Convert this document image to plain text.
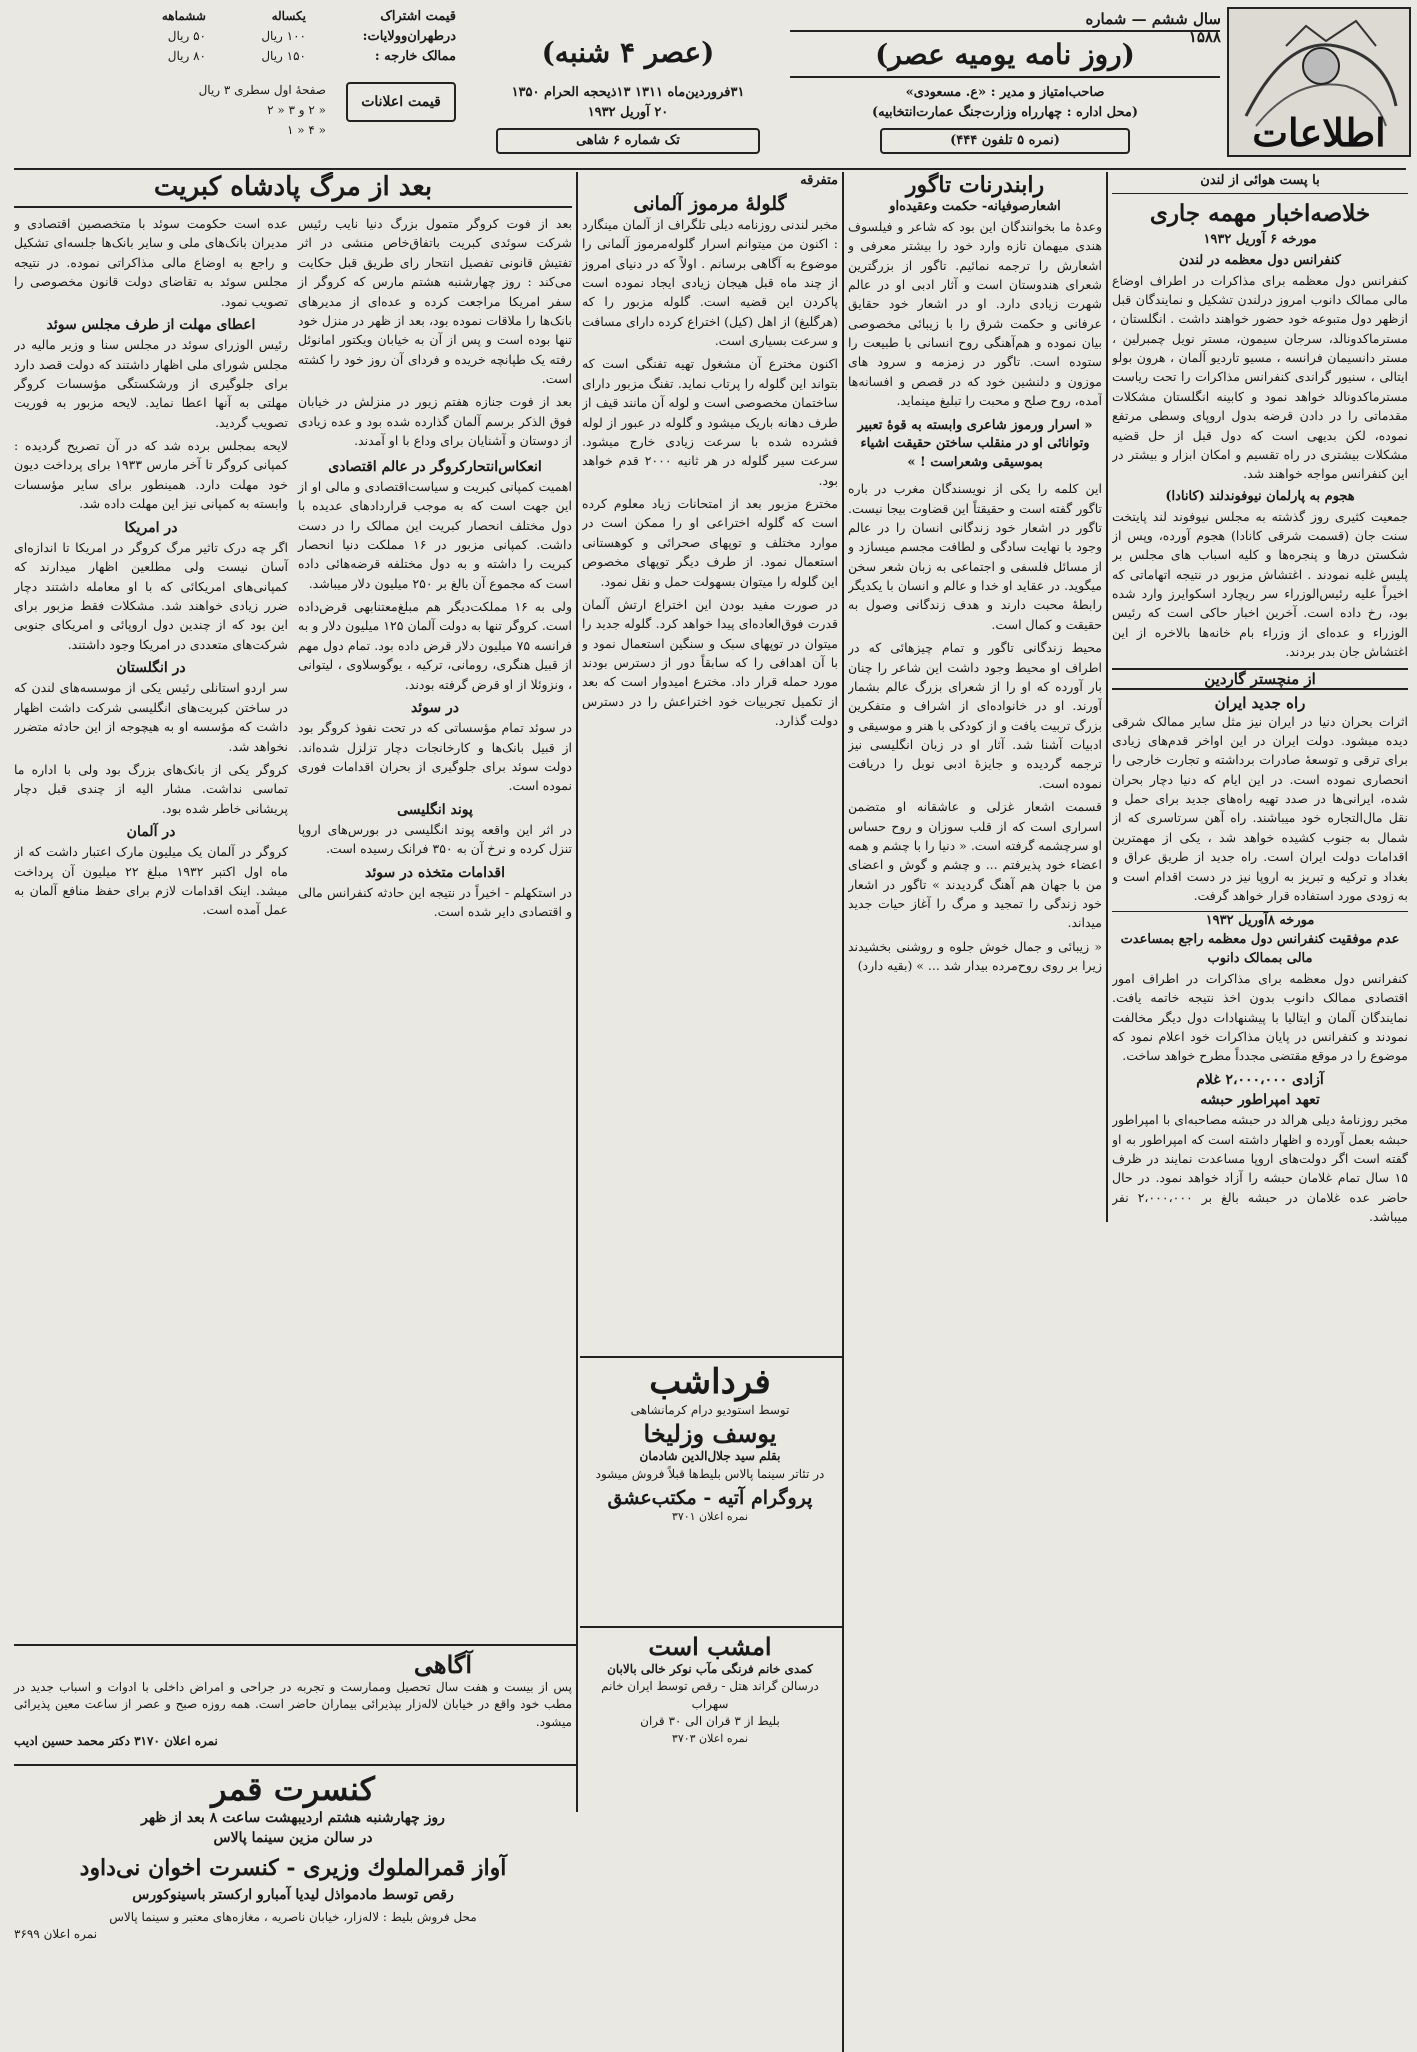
اطلاعات
سال ششم — شماره ۱۵۸۸
(روز نامه یومیه عصر)
صاحب‌امتیاز و مدیر : «ع. مسعودی»
(محل اداره : چهارراه وزارت‌جنگ عمارت‌انتخابیه)
(نمره ۵ تلفون ۴۴۴)
(عصر ۴ شنبه)
۳۱فروردین‌ماه ۱۳۱۱ ۱۳ذیحجه الحرام ۱۳۵۰
۲۰ آوریل ۱۹۳۲
تک شماره ۶ شاهی
قیمت اشتراک
یکساله
ششماهه
درطهران‌وولایات:
۱۰۰ ریال
۵۰ ریال
ممالک خارجه :
۱۵۰ ریال
۸۰ ریال
قیمت اعلانات
صفحهٔ اول سطری ۳ ریال
« ۲ و ۳ « ۲
« ۴ « ۱
با پست هوائی از لندن
خلاصه‌اخبار مهمه جاری
مورخه ۶ آوریل ۱۹۳۲
کنفرانس دول معظمه در لندن
کنفرانس دول معظمه برای مذاکرات در اطراف اوضاع مالی ممالک دانوب امروز درلندن تشکیل و نمایندگان قبل ازظهر دول متبوعه خود حضور خواهند داشت . انگلستان ، مسترماکدونالد، سرجان سیمون، مستر نویل چمبرلین ، مستر دانسیمان فرانسه ، مسیو تاردیو آلمان ، هرون بولو ایتالی ، سنیور گراندی کنفرانس مذاکرات را تحت ریاست مسترماکدونالد خواهد نمود و کابینه انگلستان مشکلات مقدماتی را در دادن قرضه بدول اروپای وسطی مرتفع نموده، لکن بدیهی است که دول قبل از حل قضیه مشکلات بیشتری در راه تقسیم و امکان ابزار و بیشتر در این کنفرانس مواجه خواهند شد.
هجوم به پارلمان نیوفوندلند (کانادا)
جمعیت کثیری روز گذشته به مجلس نیوفوند لند پایتخت سنت جان (قسمت شرقی کانادا) هجوم آورده، وپس از شکستن درها و پنجره‌ها و کلیه اسباب های مجلس بر پلیس غلبه نمودند . اغتشاش مزبور در نتیجه اتهاماتی که اخیراً علیه رئیس‌الوزراء سر ریچارد اسکوایرز وارد شده بود، رخ داده است. آخرین اخبار حاکی است که رئیس الوزراء و عده‌ای از وزراء بام خانه‌ها بالاخره از این اغتشاش جان بدر بردند.
از منچستر گاردین
راه جدید ایران
اثرات بحران دنیا در ایران نیز مثل سایر ممالک شرقی دیده میشود. دولت ایران در این اواخر قدم‌های زیادی برای ترقی و توسعهٔ صادرات برداشته و تجارت خارجی را انحصاری نموده است. در این ایام که دنیا دچار بحران شده، ایرانی‌ها در صدد تهیه راه‌های جدید برای حمل و نقل مال‌التجاره خود میباشند. راه آهن سرتاسری که از شمال به جنوب کشیده خواهد شد ، یکی از مهمترین اقدامات دولت ایران است. راه جدید از طریق عراق و بغداد و ترکیه و تبریز به اروپا نیز در دست اقدام است و به زودی مورد استفاده قرار خواهد گرفت.
مورخه ۸آوریل ۱۹۳۲
عدم موفقیت کنفرانس دول معظمه راجع بمساعدت مالی بممالک دانوب
کنفرانس دول معظمه برای مذاکرات در اطراف امور اقتصادی ممالک دانوب بدون اخذ نتیجه خاتمه یافت. نمایندگان آلمان و ایتالیا با پیشنهادات دول دیگر مخالفت نمودند و کنفرانس در پایان مذاکرات خود اعلام نمود که موضوع را در موقع مقتضی مجدداً مطرح خواهد ساخت.
آزادی ۲،۰۰۰،۰۰۰ غلام
تعهد امپراطور حبشه
مخبر روزنامهٔ دیلی هرالد در حبشه مصاحبه‌ای با امپراطور حبشه بعمل آورده و اظهار داشته است که امپراطور به او گفته است اگر دولت‌های اروپا مساعدت نمایند در ظرف ۱۵ سال تمام غلامان حبشه را آزاد خواهد نمود. در حال حاضر عده غلامان در حبشه بالغ بر ۲،۰۰۰،۰۰۰ نفر میباشد.
رابندرنات تاگور
اشعار‌صوفیانه- حکمت وعقیده‌او
وعدهٔ ما بخوانندگان این بود که شاعر و فیلسوف هندی میهمان تازه وارد خود را بیشتر معرفی و اشعارش را ترجمه نمائیم. تاگور از بزرگترین شعرای هندوستان است و آثار ادبی او در عالم شهرت زیادی دارد. او در اشعار خود حقایق عرفانی و حکمت شرق را با زیبائی مخصوصی بیان نموده و هم‌آهنگی روح انسانی با طبیعت را ستوده است. تاگور در زمزمه و سرود های موزون و دلنشین خود که در قصص و افسانه‌ها آمده، روح صلح و محبت را تبلیغ مینماید.
« اسرار ورموز شاعری وابسته به قوهٔ تعبیر وتوانائی او در منقلب ساختن حقیقت اشیاء بموسیقی وشعراست ! »
این کلمه را یکی از نویسندگان مغرب در باره تاگور گفته است و حقیقتاً این قضاوت بیجا نیست. تاگور در اشعار خود زندگانی انسان را در عالم وجود با نهایت سادگی و لطافت مجسم میسازد و از مسائل فلسفی و اجتماعی به زبان شعر سخن میگوید. در عقاید او خدا و عالم و انسان با یکدیگر رابطهٔ محبت دارند و هدف زندگانی وصول به حقیقت و کمال است.
محیط زندگانی تاگور و تمام چیزهائی که در اطراف او محیط وجود داشت این شاعر را چنان بار آورده که او را از شعرای بزرگ عالم بشمار آورند. او در خانواده‌ای از اشراف و متفکرین بزرگ تربیت یافت و از کودکی با هنر و موسیقی و ادبیات آشنا شد. آثار او در زبان انگلیسی نیز ترجمه گردیده و جایزهٔ ادبی نوبل را دریافت نموده است.
قسمت اشعار غزلی و عاشقانه او متضمن اسراری است که از قلب سوزان و روح حساس او سرچشمه گرفته است. « دنیا را با چشم و همه اعضاء خود پذیرفتم ... و چشم و گوش و اعضای من با جهان هم آهنگ گردیدند » تاگور در اشعار خود زندگی را تمجید و مرگ را آغاز حیات جدید میداند.
« زیبائی و جمال خوش جلوه و روشنی بخشیدند زیرا بر روی روح‌مرده بیدار شد ... » (بقیه دارد)
متفرقه
گلولهٔ مرموز آلمانی
مخبر لندنی روزنامه دیلی تلگراف از آلمان مینگارد : اکنون من میتوانم اسرار گلوله‌مرموز آلمانی را موضوع به آگاهی برسانم . اولاً که در دنیای امروز از چند ماه قبل هیجان زیادی ایجاد نموده است پاکردن این قضیه است. گلوله مزبور را که (هرگلیغ) از اهل (کیل) اختراع کرده دارای مسافت و سرعت بسیاری است.
اکنون مخترع آن مشغول تهیه تفنگی است که بتواند این گلوله را پرتاب نماید. تفنگ مزبور دارای ساختمان مخصوصی است و لوله آن مانند قیف از طرف دهانه باریک میشود و گلوله در عبور از لوله فشرده شده با سرعت زیادی خارج میشود. سرعت سیر گلوله در هر ثانیه ۲۰۰۰ قدم خواهد بود.
مخترع مزبور بعد از امتحانات زیاد معلوم کرده است که گلوله اختراعی او را ممکن است در موارد مختلف و توپهای صحرائی و کوهستانی استعمال نمود. از طرف دیگر توپهای مخصوص این گلوله را میتوان بسهولت حمل و نقل نمود.
در صورت مفید بودن این اختراع ارتش آلمان قدرت فوق‌العاده‌ای پیدا خواهد کرد. گلوله جدید را میتوان در توپهای سبک و سنگین استعمال نمود و با آن اهدافی را که سابقاً دور از دسترس بودند مورد حمله قرار داد. مخترع امیدوار است که بعد از تکمیل تجربیات خود اختراعش را در دسترس دولت گذارد.
فرداشب
توسط استودیو درام کرمانشاهی
یوسف وزلیخا
بقلم سید جلال‌الدین شادمان
در تئاتر سینما پالاس بلیط‌ها قبلاً فروش میشود
پروگرام آتیه - مکتب‌عشق
نمره اعلان ۳۷۰۱
امشب است
کمدی خانم فرنگی مآب نوکر خالی بالابان
درسالن گراند هتل - رقص توسط ایران خانم سهراب
بلیط از ۳ قران الی ۳۰ قران
نمره اعلان ۳۷۰۳
بعد از مرگ پادشاه کبریت
بعد از فوت کروگر متمول بزرگ دنیا نایب رئیس شرکت سوئدی کبریت باتفاق‌خاص منشی در اثر تفتیش قانونی تفصیل انتحار رای طریق قبل حکایت می‌کند : روز چهارشنبه هشتم مارس که کروگر از سفر امریکا مراجعت کرده و عده‌ای از مدیرهای بانک‌ها را ملاقات نموده بود، بعد از ظهر در منزل خود تنها بوده است و پس از آن به خیابان ویکتور امانوئل رفته یک طپانچه خریده و فردای آن روز خود را کشته است.
بعد از فوت جنازه هفتم زیور در منزلش در خیابان فوق الذکر برسم آلمان گذارده شده بود و عده زیادی از دوستان و آشنایان برای وداع با او آمدند.
انعکاس‌انتحار‌کروگر در عالم اقتصادی
اهمیت کمپانی کبریت‌ و سیاست‌اقتصادی و مالی او از این جهت است که به موجب قراردادهای عدیده با دول مختلف انحصار کبریت این ممالک را در دست داشت. کمپانی مزبور در ۱۶ مملکت دنیا انحصار کبریت را داشته و به دول مختلفه قرضه‌هائی داده است که مجموع آن بالغ بر ۲۵۰ میلیون دلار میباشد.
ولی به ۱۶ مملکت‌دیگر هم مبلغ‌معتنابهی قرض‌داده است. کروگر تنها به دولت آلمان ۱۲۵ میلیون دلار و به فرانسه ۷۵ میلیون دلار قرض داده بود. تمام دول مهم از قبیل هنگری، رومانی، ترکیه ، یوگوسلاوی ، لیتوانی ، ونزوئلا از او قرض گرفته بودند.
در سوئد
در سوئد تمام مؤسساتی که در تحت نفوذ کروگر بود از قبیل بانک‌ها و کارخانجات دچار تزلزل شده‌اند. دولت سوئد برای جلوگیری از بحران اقدامات فوری نموده است.
پوند انگلیسی
در اثر این واقعه پوند انگلیسی در بورس‌های اروپا تنزل کرده و نرخ آن به ۳۵۰ فرانک رسیده است.
اقدامات متخذه در سوئد
در استکهلم - اخیراً در نتیجه این حادثه کنفرانس مالی و اقتصادی دایر شده است.
عده است حکومت سوئد با متخصصین اقتصادی و مدیران بانک‌های ملی و سایر بانک‌ها جلسه‌ای تشکیل و راجع به اوضاع مالی مذاکراتی نموده. در نتیجه مجلس سوئد به تقاضای دولت قانون مخصوصی را تصویب نمود.
اعطای مهلت از طرف مجلس سوئد
رئیس الوزرای سوئد در مجلس سنا و وزیر مالیه در مجلس شورای ملی اظهار داشتند که دولت قصد دارد برای جلوگیری از ورشکستگی مؤسسات کروگر مهلتی به آنها اعطا نماید. لایحه مزبور به فوریت تصویب گردید.
لایحه بمجلس برده شد که در آن تصریح گردیده : کمپانی کروگر تا آخر مارس ۱۹۳۳ برای پرداخت دیون خود مهلت دارد. همینطور برای سایر مؤسسات وابسته به کمپانی نیز این مهلت داده شد.
در امریکا
اگر چه درک تاثیر مرگ کروگر در امریکا تا اندازه‌ای آسان نیست ولی مطلعین اظهار میدارند که کمپانی‌های امریکائی که با او معامله داشتند دچار ضرر زیادی خواهند شد. مشکلات فقط مزبور برای این بود که از چندین دول اروپائی و امریکای جنوبی شرکت‌های متعددی در امریکا وجود داشتند.
در انگلستان
سر اردو استانلی رئیس یکی از موسسه‌های لندن که در ساختن کبریت‌های انگلیسی شرکت داشت اظهار داشت که مؤسسه او به هیچوجه از این حادثه متضرر نخواهد شد.
کروگر یکی از بانک‌های بزرگ بود ولی با اداره ما تماسی نداشت. مشار الیه از چندی قبل دچار پریشانی خاطر شده بود.
در آلمان
کروگر در آلمان یک میلیون مارک اعتبار داشت که از ماه اول اکتبر ۱۹۳۲ مبلغ ۲۲ میلیون آن پرداخت میشد. اینک اقدامات لازم برای حفظ منافع آلمان به عمل آمده است.
آگاهی
پس از بیست و هفت سال تحصیل وممارست و تجربه در جراحی و امراض داخلی با ادوات و اسباب جدید در مطب خود واقع در خیابان لاله‌زار بپذیرائی بیماران حاضر است. همه روزه صبح و عصر از ساعت معین پذیرائی میشود.
نمره اعلان ۳۱۷۰ دکتر محمد حسین ادیب
کنسرت قمر
روز چهارشنبه هشتم اردیبهشت ساعت ۸ بعد از ظهر
در سالن مزین سینما پالاس
آواز قمرالملوك وزیری - کنسرت اخوان نی‌داود
رقص توسط مادمواذل لیدیا آمبارو ارکستر باسینوکورس
محل فروش بلیط : لاله‌زار، خیابان ناصریه ، مغازه‌های معتبر و سینما پالاس
نمره اعلان ۳۶۹۹
